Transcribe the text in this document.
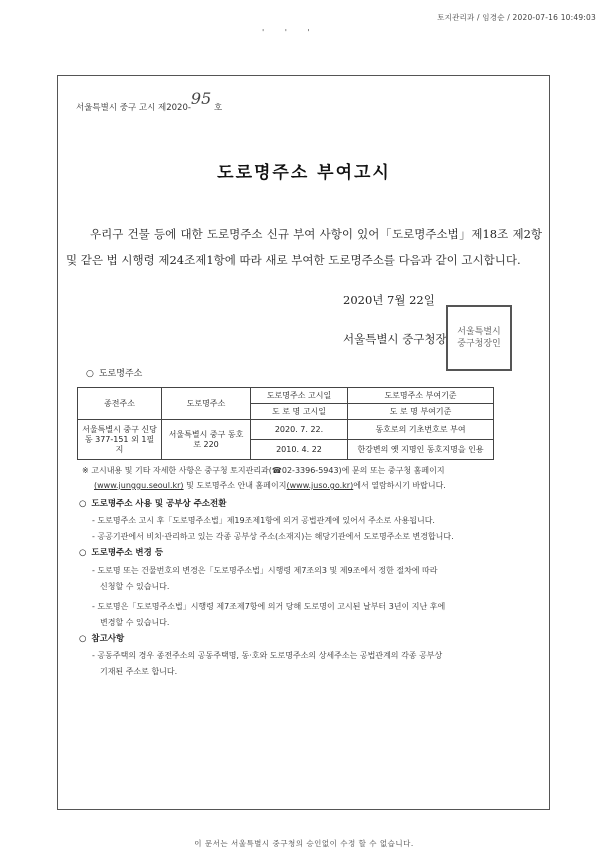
토지관리과 / 임경순 / 2020-07-16 10:49:03
' ' '
서울특별시 중구 고시 제2020-95 호
도로명주소 부여고시

우리구 건물 등에 대한 도로명주소 신규 부여 사항이 있어「도로명주소법」제18조 제2항 및 같은 법 시행령 제24조제1항에 따라 새로 부여한 도로명주소를 다음과 같이 고시합니다.

2020년 7월 22일
서울특별시 중구청장 서울특별시 중구청장인
○ 도로명주소
종전주소	도로명주소	도로명주소 고시일	도로명주소 부여기준
		도 로 명 고시일	도 로 명 부여기준
서울특별시 중구 신당동 377-151 외 1필지	서울특별시 중구 동호로 220	2020. 7. 22.	동호로의 기초번호로 부여
		2010. 4. 22	한강변의 옛 지명인 동호지명을 인용
※ 고시내용 및 기타 자세한 사항은 중구청 토지관리과(☎02-3396-5943)에 문의 또는 중구청 홈페이지
(www.junggu.seoul.kr) 및 도로명주소 안내 홈페이지(www.juso.go.kr)에서 열람하시기 바랍니다.
○ 도로명주소 사용 및 공부상 주소전환
- 도로명주소 고시 후「도로명주소법」제19조제1항에 의거 공법관계에 있어서 주소로 사용됩니다.
- 공공기관에서 비치·관리하고 있는 각종 공부상 주소(소재지)는 해당기관에서 도로명주소로 변경합니다.
○ 도로명주소 변경 등
- 도로명 또는 건물번호의 변경은「도로명주소법」시행령 제7조의3 및 제9조에서 정한 절차에 따라
신청할 수 있습니다.
- 도로명은「도로명주소법」시행령 제7조제7항에 의거 당해 도로명이 고시된 날부터 3년이 지난 후에
변경할 수 있습니다.
○ 참고사항
- 공동주택의 경우 종전주소의 공동주택명, 동·호와 도로명주소의 상세주소는 공법관계의 각종 공부상
기재된 주소로 합니다.
이 문서는 서울특별시 중구청의 승인없이 수정 할 수 없습니다.
